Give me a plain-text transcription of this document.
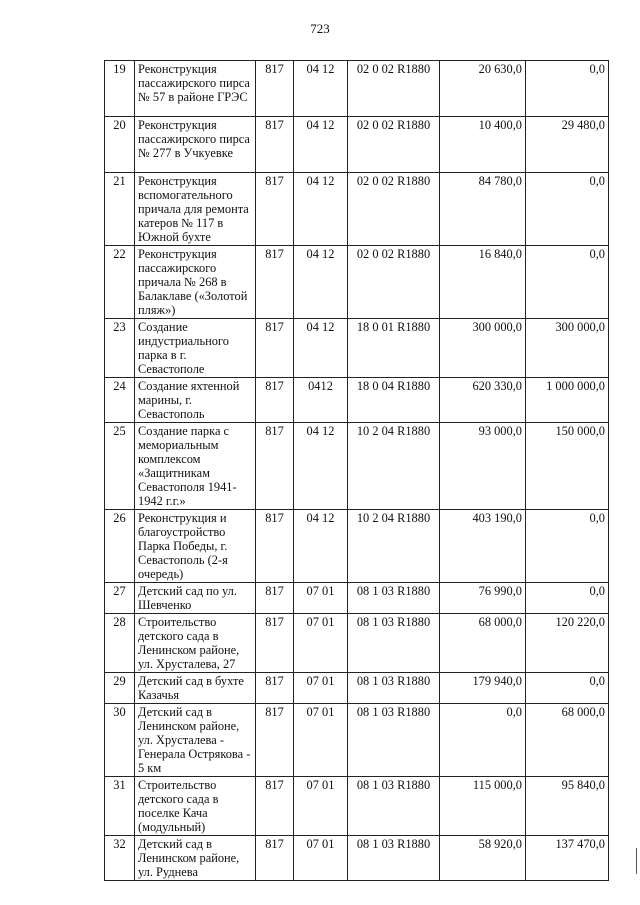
723

19	Реконструкция пассажирского пирса № 57 в районе ГРЭС	817	04 12	02 0 02 R1880	20 630,0	0,0
20	Реконструкция пассажирского пирса № 277 в Учкуевке	817	04 12	02 0 02 R1880	10 400,0	29 480,0
21	Реконструкция вспомогательного причала для ремонта катеров № 117 в Южной бухте	817	04 12	02 0 02 R1880	84 780,0	0,0
22	Реконструкция пассажирского причала № 268 в Балаклаве («Золотой пляж»)	817	04 12	02 0 02 R1880	16 840,0	0,0
23	Создание индустриального парка в г. Севастополе	817	04 12	18 0 01 R1880	300 000,0	300 000,0
24	Создание яхтенной марины, г. Севастополь	817	0412	18 0 04 R1880	620 330,0	1 000 000,0
25	Создание парка с мемориальным комплексом «Защитникам Севастополя 1941-1942 г.г.»	817	04 12	10 2 04 R1880	93 000,0	150 000,0
26	Реконструкция и благоустройство Парка Победы, г. Севастополь (2-я очередь)	817	04 12	10 2 04 R1880	403 190,0	0,0
27	Детский сад по ул. Шевченко	817	07 01	08 1 03 R1880	76 990,0	0,0
28	Строительство детского сада в Ленинском районе, ул. Хрусталева, 27	817	07 01	08 1 03 R1880	68 000,0	120 220,0
29	Детский сад в бухте Казачья	817	07 01	08 1 03 R1880	179 940,0	0,0
30	Детский сад в Ленинском районе, ул. Хрусталева - Генерала Острякова - 5 км	817	07 01	08 1 03 R1880	0,0	68 000,0
31	Строительство детского сада в поселке Кача (модульный)	817	07 01	08 1 03 R1880	115 000,0	95 840,0
32	Детский сад в Ленинском районе, ул. Руднева	817	07 01	08 1 03 R1880	58 920,0	137 470,0
